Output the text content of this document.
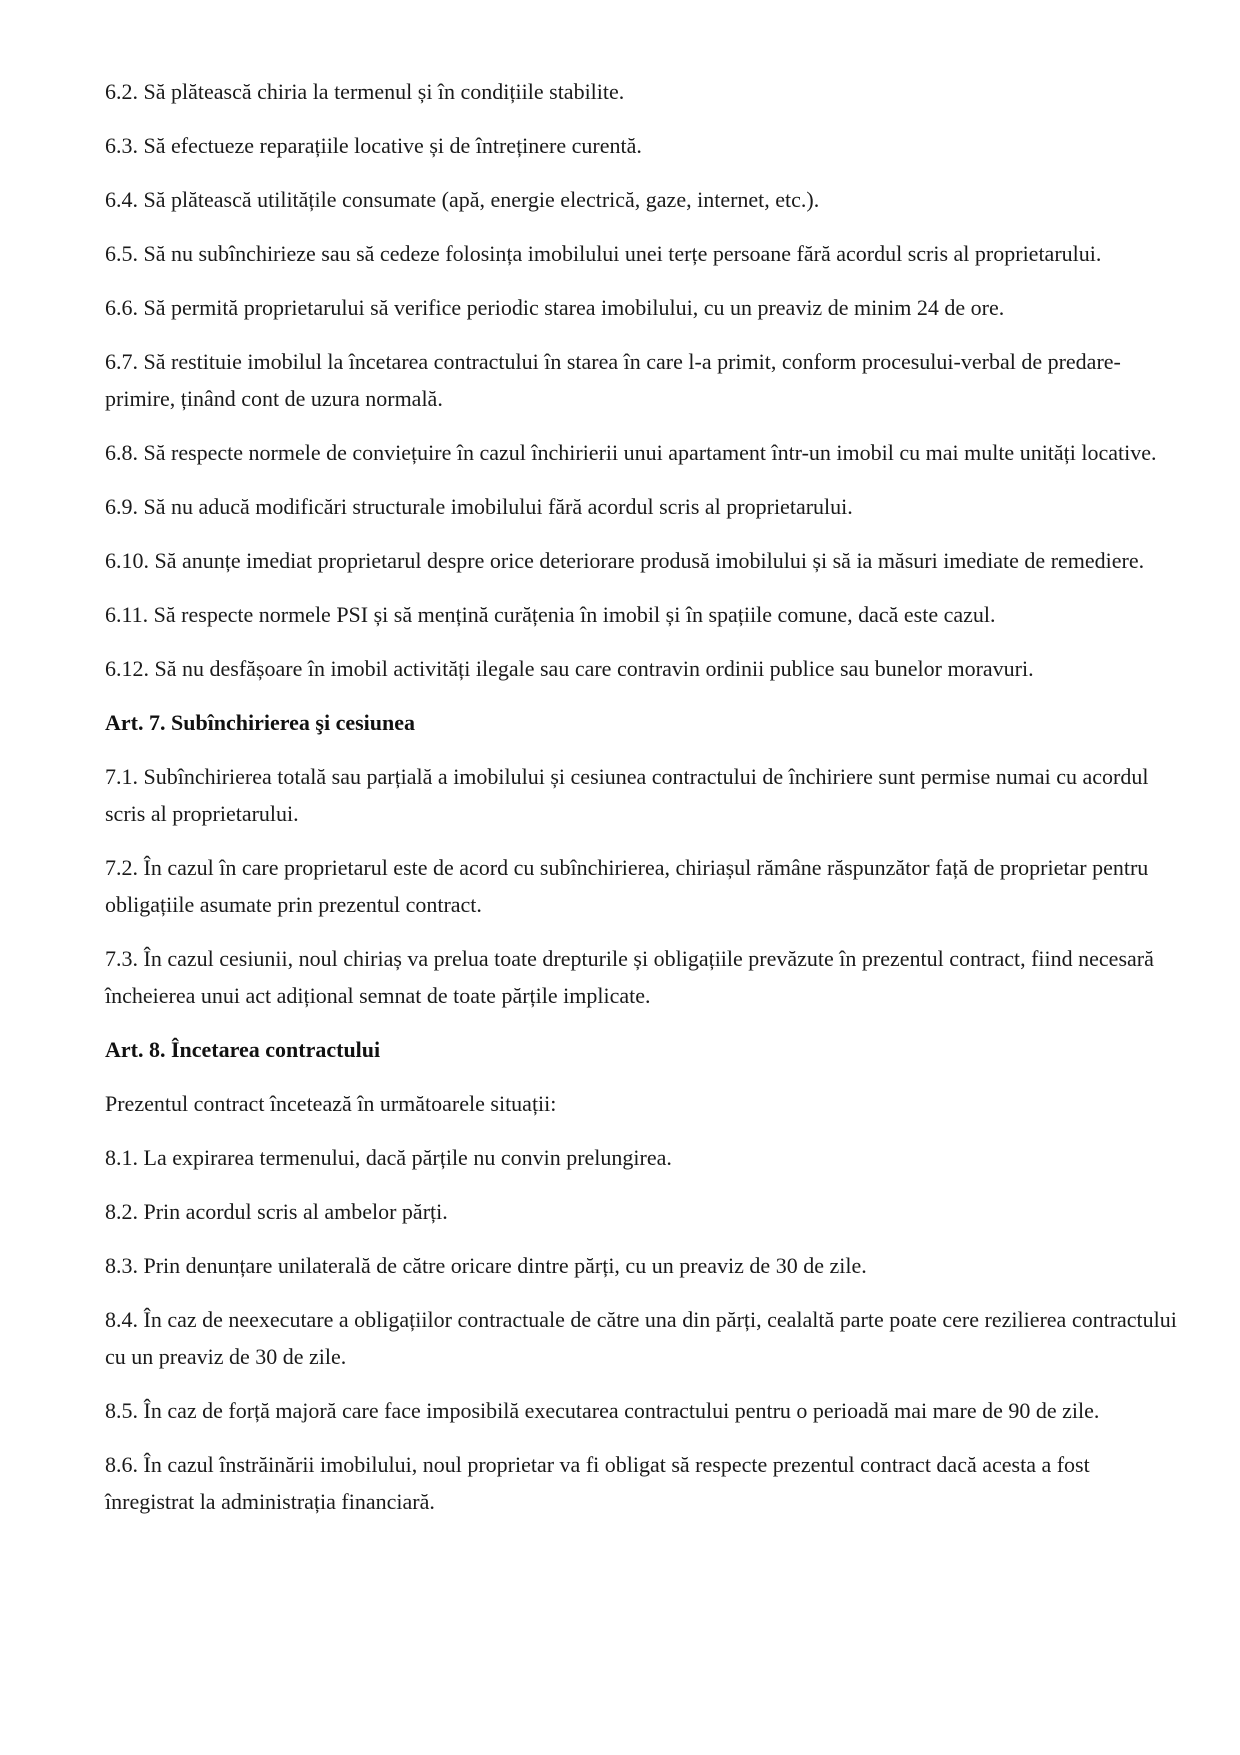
6.2. Să plătească chiria la termenul și în condițiile stabilite.

6.3. Să efectueze reparațiile locative și de întreținere curentă.

6.4. Să plătească utilitățile consumate (apă, energie electrică, gaze, internet, etc.).

6.5. Să nu subînchirieze sau să cedeze folosința imobilului unei terțe persoane fără acordul scris al proprietarului.

6.6. Să permită proprietarului să verifice periodic starea imobilului, cu un preaviz de minim 24 de ore.

6.7. Să restituie imobilul la încetarea contractului în starea în care l-a primit, conform procesului-verbal de predare-primire, ținând cont de uzura normală.

6.8. Să respecte normele de conviețuire în cazul închirierii unui apartament într-un imobil cu mai multe unități locative.

6.9. Să nu aducă modificări structurale imobilului fără acordul scris al proprietarului.

6.10. Să anunțe imediat proprietarul despre orice deteriorare produsă imobilului și să ia măsuri imediate de remediere.

6.11. Să respecte normele PSI și să mențină curățenia în imobil și în spațiile comune, dacă este cazul.

6.12. Să nu desfășoare în imobil activități ilegale sau care contravin ordinii publice sau bunelor moravuri.

Art. 7. Subînchirierea şi cesiunea

7.1. Subînchirierea totală sau parțială a imobilului și cesiunea contractului de închiriere sunt permise numai cu acordul scris al proprietarului.

7.2. În cazul în care proprietarul este de acord cu subînchirierea, chiriașul rămâne răspunzător față de proprietar pentru obligațiile asumate prin prezentul contract.

7.3. În cazul cesiunii, noul chiriaș va prelua toate drepturile și obligațiile prevăzute în prezentul contract, fiind necesară încheierea unui act adițional semnat de toate părțile implicate.

Art. 8. Încetarea contractului

Prezentul contract încetează în următoarele situații:

8.1. La expirarea termenului, dacă părțile nu convin prelungirea.

8.2. Prin acordul scris al ambelor părți.

8.3. Prin denunțare unilaterală de către oricare dintre părți, cu un preaviz de 30 de zile.

8.4. În caz de neexecutare a obligațiilor contractuale de către una din părți, cealaltă parte poate cere rezilierea contractului cu un preaviz de 30 de zile.

8.5. În caz de forță majoră care face imposibilă executarea contractului pentru o perioadă mai mare de 90 de zile.

8.6. În cazul înstrăinării imobilului, noul proprietar va fi obligat să respecte prezentul contract dacă acesta a fost înregistrat la administrația financiară.
